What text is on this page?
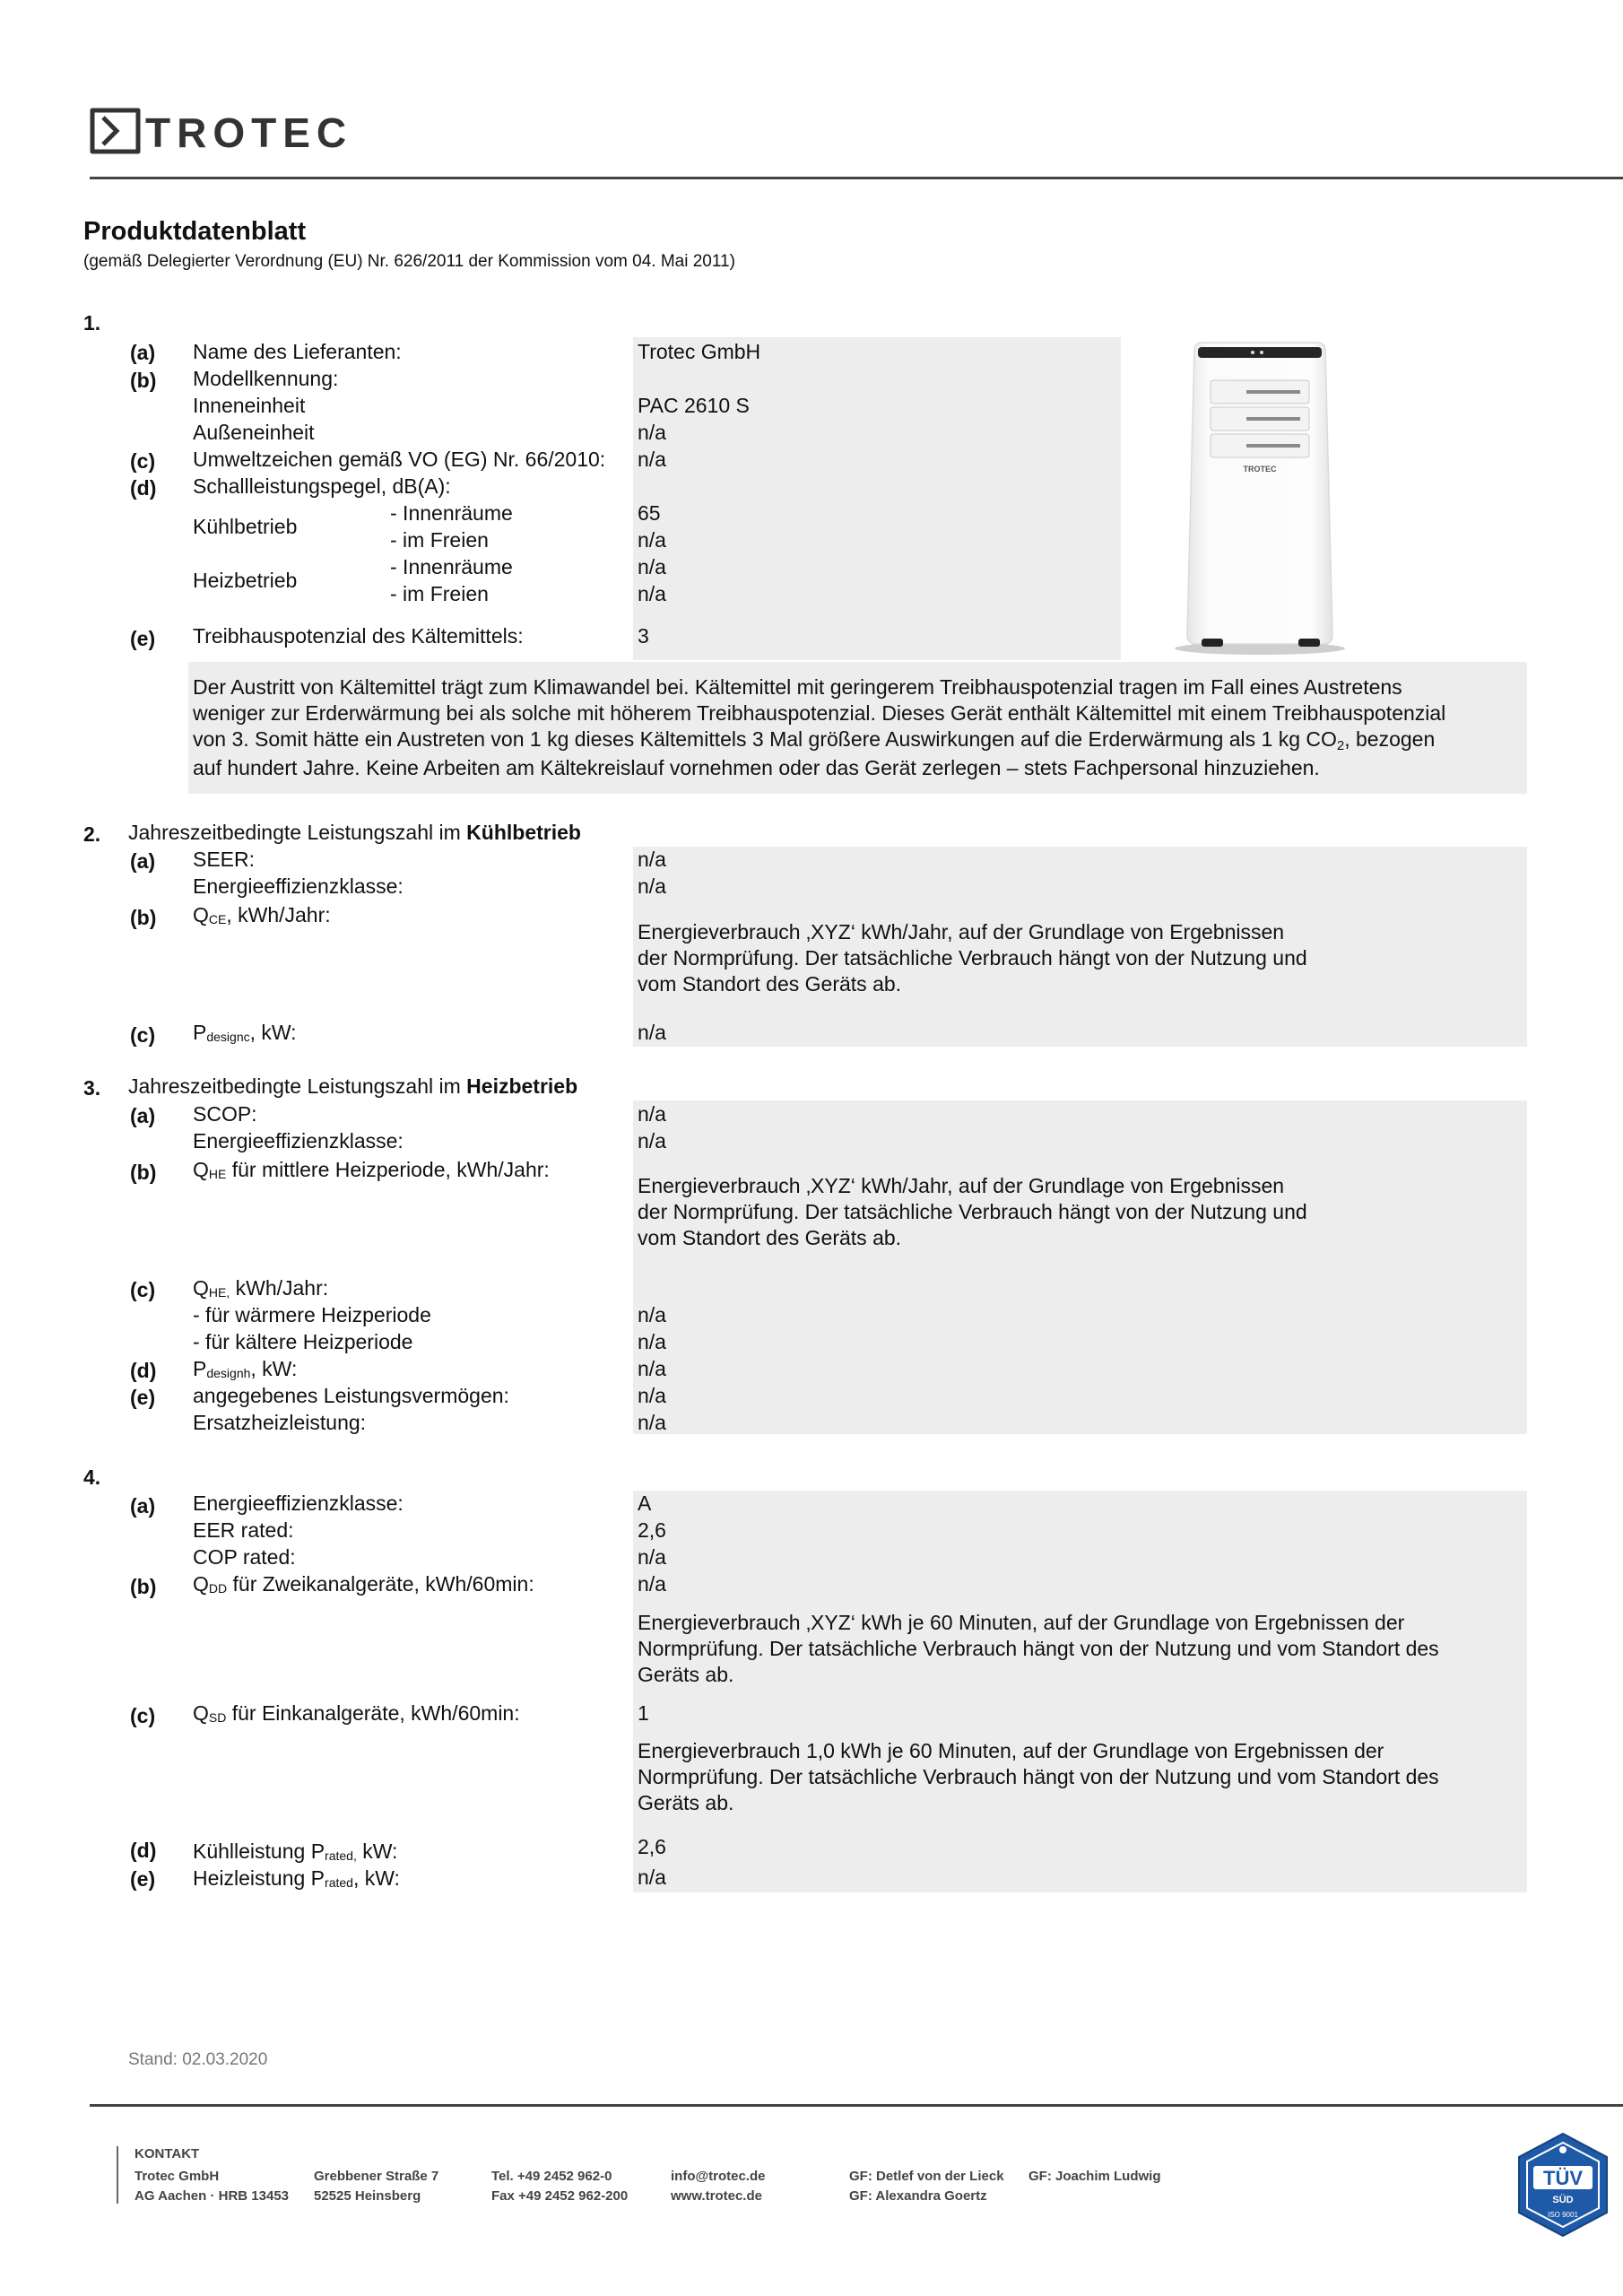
TROTEC
Produktdatenblatt
(gemäß Delegierter Verordnung (EU) Nr. 626/2011 der Kommission vom 04. Mai 2011)
1.
(a) Name des Lieferanten:	Trotec GmbH
(b) Modellkennung:
Inneneinheit	PAC 2610 S
Außeneinheit	n/a
(c) Umweltzeichen gemäß VO (EG) Nr. 66/2010: n/a
(d) Schallleistungspegel, dB(A):
Kühlbetrieb
- Innenräume	65
- im Freien	n/a
Heizbetrieb
- Innenräume	n/a
- im Freien	n/a
(e) Treibhauspotenzial des Kältemittels:	3
Der Austritt von Kältemittel trägt zum Klimawandel bei. Kältemittel mit geringerem Treibhauspotenzial tragen im Fall eines Austretens
weniger zur Erderwärmung bei als solche mit höherem Treibhauspotenzial. Dieses Gerät enthält Kältemittel mit einem Treibhauspotenzial
von 3. Somit hätte ein Austreten von 1 kg dieses Kältemittels 3 Mal größere Auswirkungen auf die Erderwärmung als 1 kg $CO_2$, bezogen
auf hundert Jahre. Keine Arbeiten am Kältekreislauf vornehmen oder das Gerät zerlegen – stets Fachpersonal hinzuziehen.
TROTEC
2. Jahreszeitbedingte Leistungszahl im Kühlbetrieb
(a) SEER:	n/a
Energieeffizienzklasse:	n/a
(b) $Q_{CE}$, kWh/Jahr:
Energieverbrauch ‚XYZ‘ kWh/Jahr, auf der Grundlage von Ergebnissen
der Normprüfung. Der tatsächliche Verbrauch hängt von der Nutzung und
vom Standort des Geräts ab.
(c) $P_{designc}$, kW:	n/a
3. Jahreszeitbedingte Leistungszahl im Heizbetrieb
(a) SCOP:	n/a
Energieeffizienzklasse:	n/a
(b) $Q_{HE}$ für mittlere Heizperiode, kWh/Jahr:
Energieverbrauch ‚XYZ‘ kWh/Jahr, auf der Grundlage von Ergebnissen
der Normprüfung. Der tatsächliche Verbrauch hängt von der Nutzung und
vom Standort des Geräts ab.
(c) $Q_{HE,}$ kWh/Jahr:
- für wärmere Heizperiode	n/a
- für kältere Heizperiode	n/a
(d) $P_{designh}$, kW:	n/a
(e) angegebenes Leistungsvermögen:	n/a
Ersatzheizleistung:	n/a
4.
(a) Energieeffizienzklasse:	A
EER rated:	2,6
COP rated:	n/a
(b) $Q_{DD}$ für Zweikanalgeräte, kWh/60min:	n/a
Energieverbrauch ‚XYZ‘ kWh je 60 Minuten, auf der Grundlage von Ergebnissen der
Normprüfung. Der tatsächliche Verbrauch hängt von der Nutzung und vom Standort des
Geräts ab.
(c) $Q_{SD}$ für Einkanalgeräte, kWh/60min:	1
Energieverbrauch 1,0 kWh je 60 Minuten, auf der Grundlage von Ergebnissen der
Normprüfung. Der tatsächliche Verbrauch hängt von der Nutzung und vom Standort des
Geräts ab.
(d) Kühlleistung $P_{rated,}$ kW:	2,6
(e) Heizleistung $P_{rated}$, kW:	n/a
Stand: 02.03.2020
KONTAKT
Trotec GmbH
AG Aachen · HRB 13453
Grebbener Straße 7
52525 Heinsberg
Tel. +49 2452 962-0
Fax +49 2452 962-200
info@trotec.de
www.trotec.de
GF: Detlef von der Lieck
GF: Alexandra Goertz
GF: Joachim Ludwig	TÜV
SÜD
ISO 9001
